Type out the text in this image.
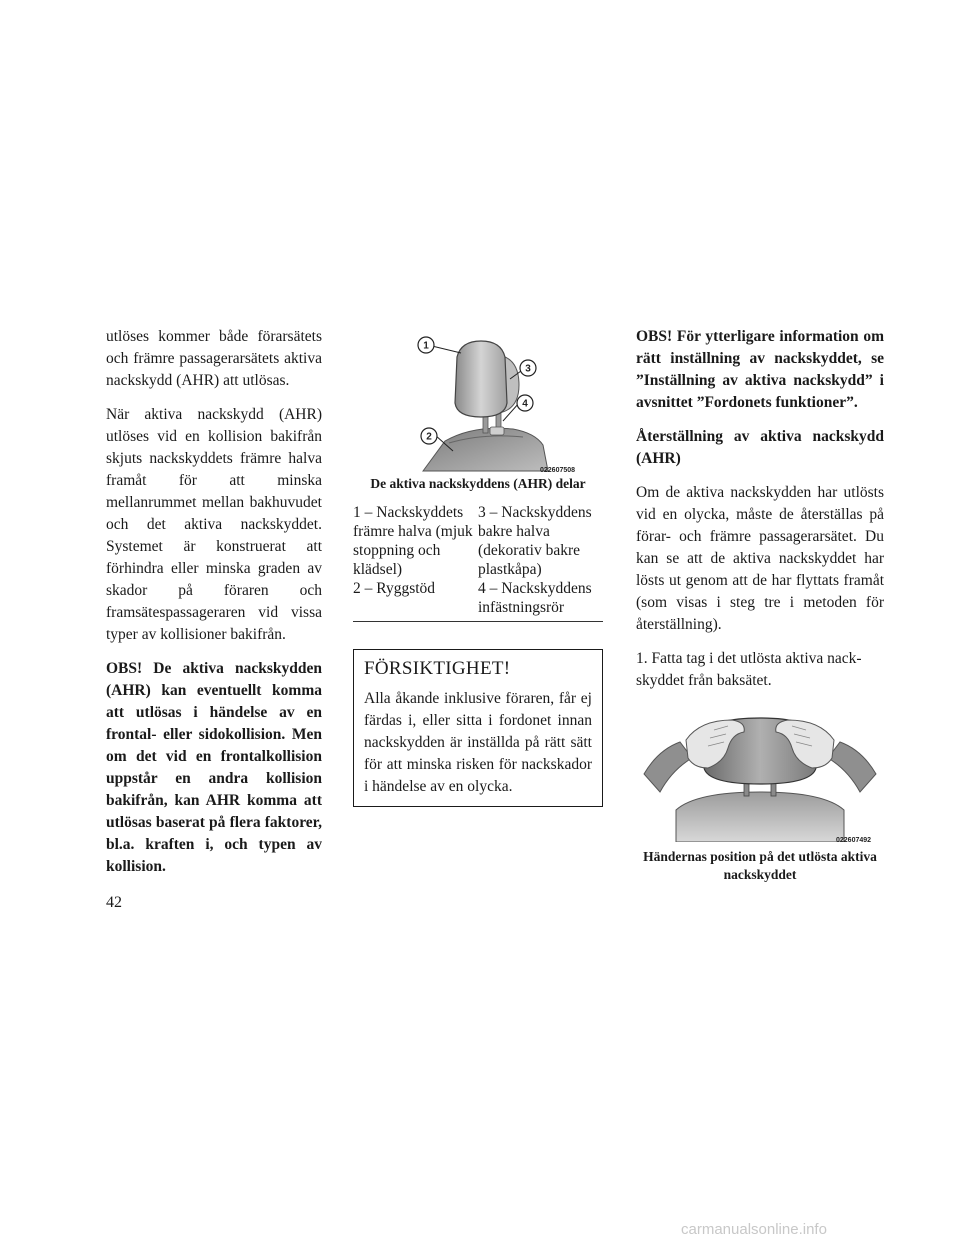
utlöses kommer både förarsätets och främre passagerarsätets aktiva nackskydd (AHR) att utlösas.

När aktiva nackskydd (AHR) utlöses vid en kollision bakifrån skjuts nackskyddets främre halva framåt för att minska mellanrummet mellan bakhuvudet och det aktiva nackskyddet. Systemet är konstruerat att förhindra eller minska graden av skador på föraren och framsätespassageraren vid vissa typer av kollisioner bakifrån.

OBS! De aktiva nackskydden (AHR) kan eventuellt komma att utlösas i händelse av en frontal- eller sidokollision. Men om det vid en frontalkollision uppstår en andra kollision bakifrån, kan AHR komma att utlösas baserat på flera faktorer, bl.a. kraften i, och typen av kollision.

1
2
3
4
022607508
De aktiva nackskyddens (AHR) delar
1 – Nackskyddets främre halva (mjuk stoppning och klädsel)	3 – Nackskyddens bakre halva (dekorativ bakre plastkåpa)
2 – Ryggstöd	4 – Nackskyddens infästningsrör
FÖRSIKTIGHET!
Alla åkande inklusive föraren, får ej färdas i, eller sitta i fordonet innan nackskydden är inställda på rätt sätt för att minska risken för nackskador i händelse av en olycka.

OBS! För ytterligare information om rätt inställning av nackskyddet, se ”Inställning av aktiva nackskydd” i avsnittet ”Fordonets funktioner”.

Återställning av aktiva nackskydd (AHR)

Om de aktiva nackskydden har utlösts vid en olycka, måste de återställas på förar- och främre passagerarsätet. Du kan se att de aktiva nackskyddet har lösts ut genom att de har flyttats framåt (som visas i steg tre i metoden för återställning).

1. Fatta tag i det utlösta aktiva nackskyddet från baksätet.

022607492
Händernas position på det utlösta aktiva nackskyddet
42
carmanualsonline.info
